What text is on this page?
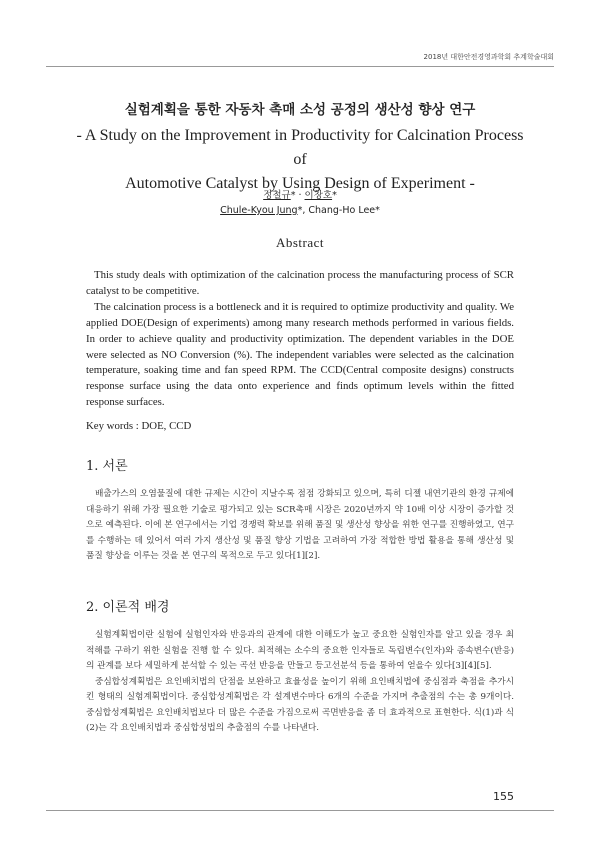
2018년 대한안전경영과학회 추계학술대회
실험계획을 통한 자동차 촉매 소성 공정의 생산성 향상 연구
- A Study on the Improvement in Productivity for Calcination Process of
Automotive Catalyst by Using Design of Experiment -
정철규* · 이창호*
Chule-Kyou Jung*, Chang-Ho Lee*
Abstract

This study deals with optimization of the calcination process the manufacturing process of SCR catalyst to be competitive.

The calcination process is a bottleneck and it is required to optimize productivity and quality. We applied DOE(Design of experiments) among many research methods performed in various fields. In order to achieve quality and productivity optimization. The dependent variables in the DOE were selected as NO Conversion (%). The independent variables were selected as the calcination temperature, soaking time and fan speed RPM. The CCD(Central composite designs) constructs response surface using the data onto experience and finds optimum levels within the fitted response surfaces.

Key words : DOE, CCD
1. 서론

배출가스의 오염물질에 대한 규제는 시간이 지날수록 점점 강화되고 있으며, 특히 디젤 내연기관의 환경 규제에 대응하기 위해 가장 필요한 기술로 평가되고 있는 SCR촉매 시장은 2020년까지 약 10배 이상 시장이 증가할 것으로 예측된다. 이에 본 연구에서는 기업 경쟁력 확보를 위해 품질 및 생산성 향상을 위한 연구를 진행하였고, 연구를 수행하는 데 있어서 여러 가지 생산성 및 품질 향상 기법을 고려하여 가장 적합한 방법 활용을 통해 생산성 및 품질 향상을 이루는 것을 본 연구의 목적으로 두고 있다[1][2].

2. 이론적 배경

실험계획법이란 실험에 실험인자와 반응과의 관계에 대한 이해도가 높고 중요한 실험인자를 알고 있을 경우 최적해를 구하기 위한 실험을 진행 할 수 있다. 최적해는 소수의 중요한 인자들로 독립변수(인자)와 종속변수(반응)의 관계를 보다 세밀하게 분석할 수 있는 곡선 반응을 만들고 등고선분석 등을 통하여 얻을수 있다[3][4][5].

중심합성계획법은 요인배치법의 단점을 보완하고 효율성을 높이기 위해 요인배치법에 중심점과 축점을 추가시킨 형태의 실험계획법이다. 중심합성계획법은 각 설계변수마다 6개의 수준을 가지며 추출점의 수는 총 9개이다. 중심합성계획법은 요인배치법보다 더 많은 수준을 가짐으로써 곡면반응을 좀 더 효과적으로 표현한다. 식(1)과 식(2)는 각 요인배치법과 중심합성법의 추출점의 수를 나타낸다.

155
